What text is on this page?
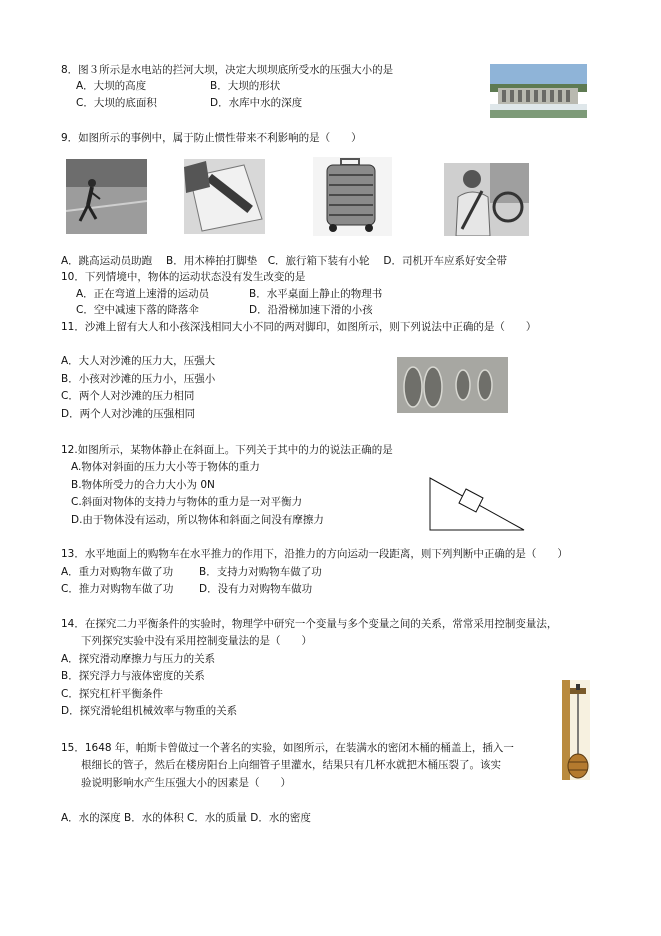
8．图３所示是水电站的拦河大坝，决定大坝坝底所受水的压强大小的是
A．大坝的高度	B．大坝的形状
C．大坝的底面积	D．水库中水的深度
9．如图所示的事例中，属于防止惯性带来不利影响的是（　　）
A．跳高运动员助跑　 B．用木棒拍打脚垫　C．旅行箱下装有小轮　 D．司机开车应系好安全带
10．下列情境中，物体的运动状态没有发生改变的是
A．正在弯道上速滑的运动员	B．水平桌面上静止的物理书
C．空中减速下落的降落伞	D．沿滑梯加速下滑的小孩
11．沙滩上留有大人和小孩深浅相同大小不同的两对脚印，如图所示，则下列说法中正确的是（　　）
A．大人对沙滩的压力大，压强大
B．小孩对沙滩的压力小，压强小
C．两个人对沙滩的压力相同
D．两个人对沙滩的压强相同
12.如图所示，某物体静止在斜面上。下列关于其中的力的说法正确的是
A.物体对斜面的压力大小等于物体的重力
B.物体所受力的合力大小为 0N
C.斜面对物体的支持力与物体的重力是一对平衡力
D.由于物体没有运动，所以物体和斜面之间没有摩擦力
13．水平地面上的购物车在水平推力的作用下，沿推力的方向运动一段距离，则下列判断中正确的是（　　）
A．重力对购物车做了功 B．支持力对购物车做了功
C．推力对购物车做了功 D．没有力对购物车做功
14．在探究二力平衡条件的实验时，物理学中研究一个变量与多个变量之间的关系，常常采用控制变量法，
下列探究实验中没有采用控制变量法的是（　　）
A．探究滑动摩擦力与压力的关系
B．探究浮力与液体密度的关系
C．探究杠杆平衡条件
D．探究滑轮组机械效率与物重的关系
15．1648 年，帕斯卡曾做过一个著名的实验，如图所示，在装满水的密闭木桶的桶盖上，插入一
根细长的管子，然后在楼房阳台上向细管子里灌水，结果只有几杯水就把木桶压裂了。该实
验说明影响水产生压强大小的因素是（　　）
A．水的深度 B．水的体积 C．水的质量 D．水的密度
